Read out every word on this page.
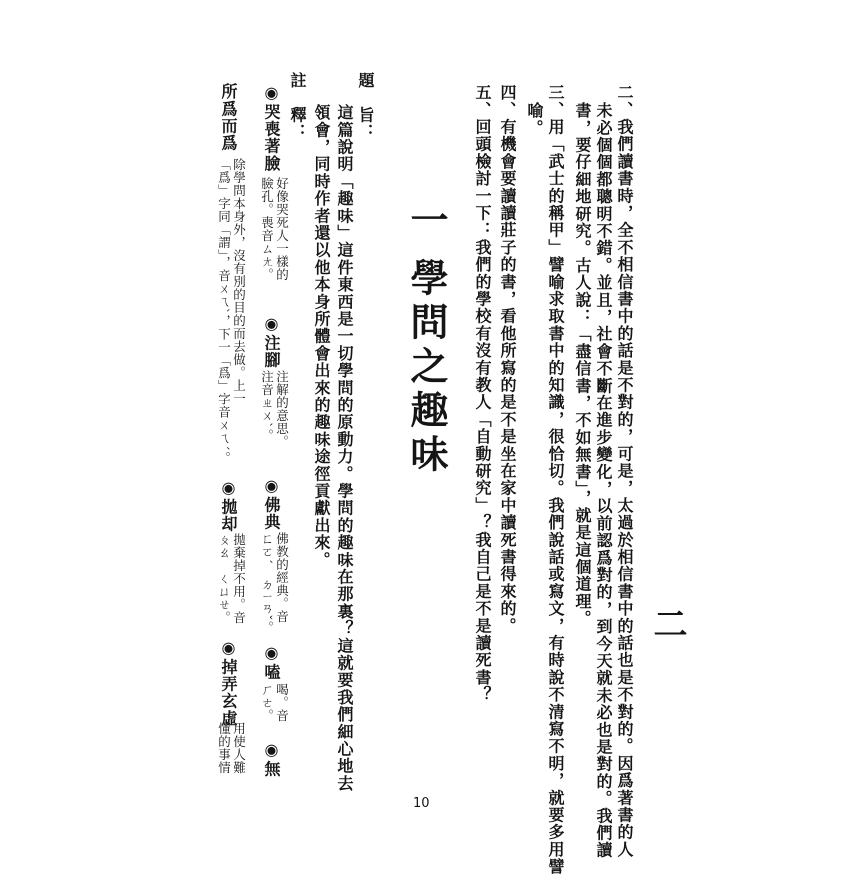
二
二、我們讀書時，全不相信書中的話是不對的，可是，太過於相信書中的話也是不對的。因爲著書的人
未必個個都聰明不錯。並且，社會不斷在進步變化，以前認爲對的，到今天就未必也是對的。我們讀
書，要仔細地研究。古人說：「盡信書，不如無書」，就是這個道理。
三、用「武士的稱甲」譬喻求取書中的知識，很恰切。我們說話或寫文，有時說不清寫不明，就要多用譬
喻。
四、有機會要讀讀莊子的書，看他所寫的是不是坐在家中讀死書得來的。
五、回頭檢討一下：我們的學校有沒有教人「自動研究」？我自己是不是讀死書？
一
學問之趣味
題　旨：
這篇說明「趣味」這件東西是一切學問的原動力。學問的趣味在那裏？這就要我們細心地去
領會，同時作者還以他本身所體會出來的趣味途徑貢獻出來。
註　釋：
◉哭喪著臉
好像哭死人一樣的
臉孔。喪音ㄙㄤ。
◉注腳
注解的意思。
注音ㄓㄨˋ。
◉佛典
佛教的經典。音
ㄈㄛˊ　ㄉㄧㄢˇ。
◉嗑
喝。音
ㄏㄜ。
◉無
所爲而爲
除學問本身外，沒有別的目的而去做。上一
「爲」字同「謂」，音ㄨㄟˋ，下一「爲」字音ㄨㄟˊ。
◉拋却
拋棄掉不用。音
ㄆㄠ　ㄑㄩㄝ。
◉掉弄玄虛
用使人難
懂的事情
10
